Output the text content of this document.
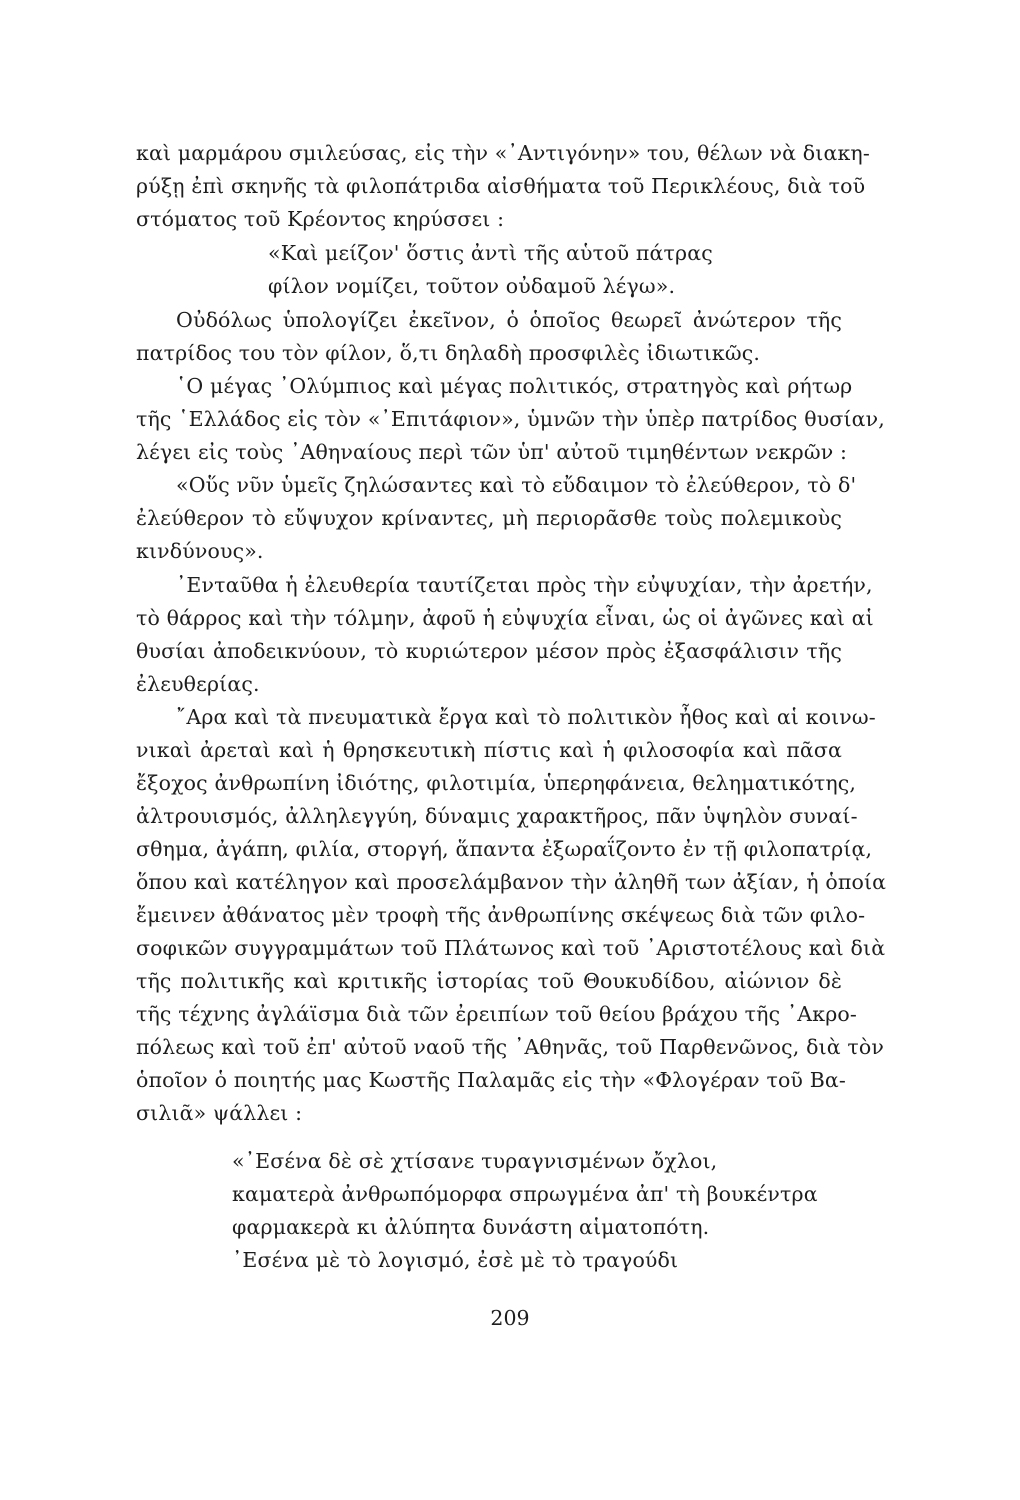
καὶ μαρμάρου σμιλεύσας, εἰς τὴν «᾿Αντιγόνην» του, θέλων νὰ διακη-

ρύξῃ ἐπὶ σκηνῆς τὰ φιλοπάτριδα αἰσθήματα τοῦ Περικλέους, διὰ τοῦ

στόματος τοῦ Κρέοντος κηρύσσει :

«Καὶ μείζον' ὅστις ἀντὶ τῆς αὑτοῦ πάτρας

φίλον νομίζει, τοῦτον οὐδαμοῦ λέγω».

Οὐδόλως ὑπολογίζει ἐκεῖνον, ὁ ὁποῖος θεωρεῖ ἀνώτερον τῆς

πατρίδος του τὸν φίλον, ὅ,τι δηλαδὴ προσφιλὲς ἰδιωτικῶς.

῾Ο μέγας ᾿Ολύμπιος καὶ μέγας πολιτικός, στρατηγὸς καὶ ρήτωρ

τῆς ῾Ελλάδος εἰς τὸν «᾿Επιτάφιον», ὑμνῶν τὴν ὑπὲρ πατρίδος θυσίαν,

λέγει εἰς τοὺς ᾿Αθηναίους περὶ τῶν ὑπ' αὐτοῦ τιμηθέντων νεκρῶν :

«Οὕς νῦν ὑμεῖς ζηλώσαντες καὶ τὸ εὔδαιμον τὸ ἐλεύθερον, τὸ δ'

ἐλεύθερον τὸ εὔψυχον κρίναντες, μὴ περιορᾶσθε τοὺς πολεμικοὺς

κινδύνους».

᾿Ενταῦθα ἡ ἐλευθερία ταυτίζεται πρὸς τὴν εὐψυχίαν, τὴν ἀρετήν,

τὸ θάρρος καὶ τὴν τόλμην, ἀφοῦ ἡ εὐψυχία εἶναι, ὡς οἱ ἀγῶνες καὶ αἱ

θυσίαι ἀποδεικνύουν, τὸ κυριώτερον μέσον πρὸς ἐξασφάλισιν τῆς

ἐλευθερίας.

῎Αρα καὶ τὰ πνευματικὰ ἔργα καὶ τὸ πολιτικὸν ἦθος καὶ αἱ κοινω-

νικαὶ ἀρεταὶ καὶ ἡ θρησκευτικὴ πίστις καὶ ἡ φιλοσοφία καὶ πᾶσα

ἔξοχος ἀνθρωπίνη ἰδιότης, φιλοτιμία, ὑπερηφάνεια, θεληματικότης,

ἀλτρουισμός, ἀλληλεγγύη, δύναμις χαρακτῆρος, πᾶν ὑψηλὸν συναί-

σθημα, ἀγάπη, φιλία, στοργή, ἅπαντα ἐξωραΐζοντο ἐν τῇ φιλοπατρίᾳ,

ὅπου καὶ κατέληγον καὶ προσελάμβανον τὴν ἀληθῆ των ἀξίαν, ἡ ὁποία

ἔμεινεν ἀθάνατος μὲν τροφὴ τῆς ἀνθρωπίνης σκέψεως διὰ τῶν φιλο-

σοφικῶν συγγραμμάτων τοῦ Πλάτωνος καὶ τοῦ ᾿Αριστοτέλους καὶ διὰ

τῆς πολιτικῆς καὶ κριτικῆς ἱστορίας τοῦ Θουκυδίδου, αἰώνιον δὲ

τῆς τέχνης ἀγλάϊσμα διὰ τῶν ἐρειπίων τοῦ θείου βράχου τῆς ᾿Ακρο-

πόλεως καὶ τοῦ ἐπ' αὐτοῦ ναοῦ τῆς ᾿Αθηνᾶς, τοῦ Παρθενῶνος, διὰ τὸν

ὁποῖον ὁ ποιητής μας Κωστῆς Παλαμᾶς εἰς τὴν «Φλογέραν τοῦ Βα-

σιλιᾶ» ψάλλει :

«᾿Εσένα δὲ σὲ χτίσανε τυραγνισμένων ὄχλοι,

καματερὰ ἀνθρωπόμορφα σπρωγμένα ἀπ' τὴ βουκέντρα

φαρμακερὰ κι ἀλύπητα δυνάστη αἱματοπότη.

᾿Εσένα μὲ τὸ λογισμό, ἐσὲ μὲ τὸ τραγούδι

209
